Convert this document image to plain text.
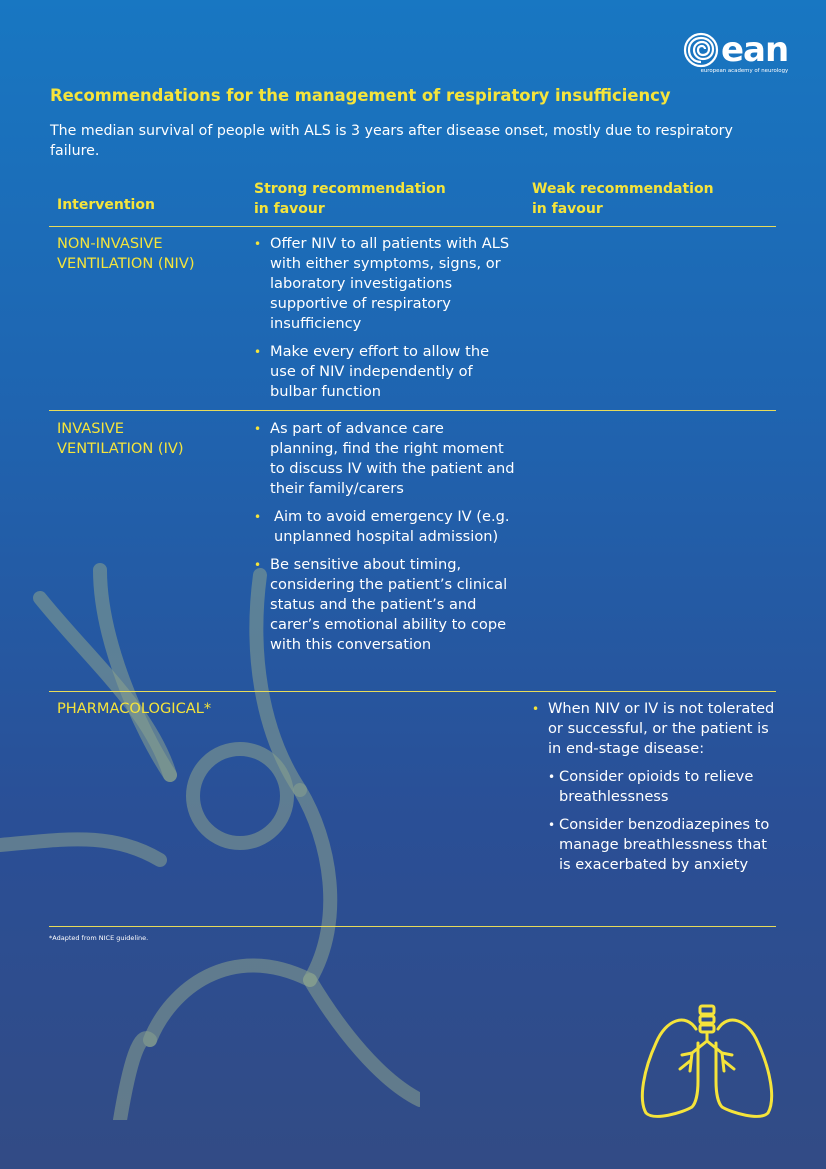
ean
european academy of neurology
Recommendations for the management of respiratory insufficiency

The median survival of people with ALS is 3 years after disease onset, mostly due to respiratory failure.

Intervention
Strong recommendation
in favour
Weak recommendation
in favour
NON-INVASIVE
VENTILATION (NIV)
• Offer NIV to all patients with ALS with either symptoms, signs, or laboratory investigations supportive of respiratory insufficiency
• Make every effort to allow the use of NIV independently of bulbar function
INVASIVE
VENTILATION (IV)
• As part of advance care planning, find the right moment to discuss IV with the patient and their family/carers
• Aim to avoid emergency IV (e.g. unplanned hospital admission)
• Be sensitive about timing, considering the patient’s clinical status and the patient’s and carer’s emotional ability to cope with this conversation
PHARMACOLOGICAL*
•	When NIV or IV is not tolerated or successful, or the patient is in end-stage disease:
• Consider opioids to relieve breathlessness
• Consider benzodiazepines to manage breathlessness that is exacerbated by anxiety
*Adapted from NICE guideline.
